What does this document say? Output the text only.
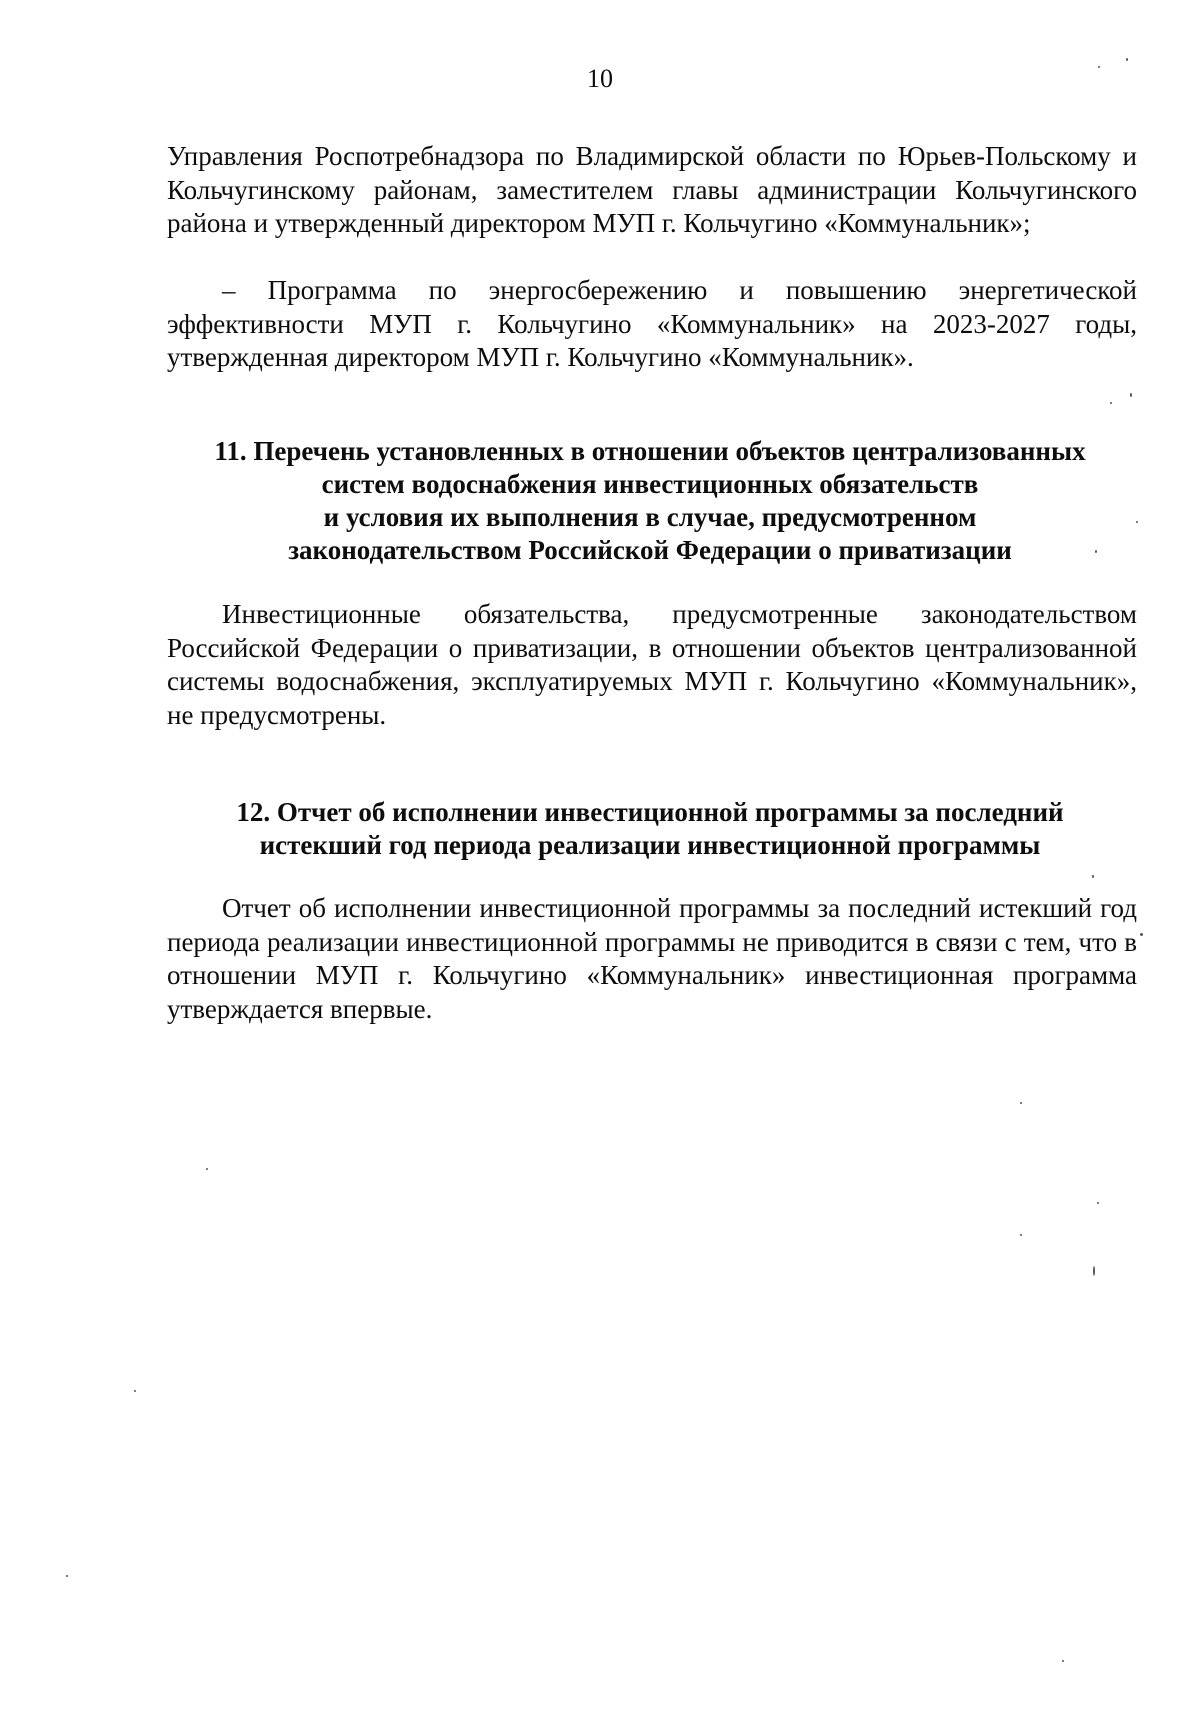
10

Управления Роспотребнадзора по Владимирской области по Юрьев-Польскому и Кольчугинскому районам, заместителем главы администрации Кольчугинского района и утвержденный директором МУП г. Кольчугино «Коммунальник»;

– Программа по энергосбережению и повышению энергетической эффективности МУП г. Кольчугино «Коммунальник» на 2023-2027 годы, утвержденная директором МУП г. Кольчугино «Коммунальник».

11. Перечень установленных в отношении объектов централизованных
систем водоснабжения инвестиционных обязательств
и условия их выполнения в случае, предусмотренном
законодательством Российской Федерации о приватизации

Инвестиционные обязательства, предусмотренные законодательством Российской Федерации о приватизации, в отношении объектов централизованной системы водоснабжения, эксплуатируемых МУП г. Кольчугино «Коммунальник», не предусмотрены.

12. Отчет об исполнении инвестиционной программы за последний
истекший год периода реализации инвестиционной программы

Отчет об исполнении инвестиционной программы за последний истекший год периода реализации инвестиционной программы не приводится в связи с тем, что в отношении МУП г. Кольчугино «Коммунальник» инвестиционная программа утверждается впервые.
